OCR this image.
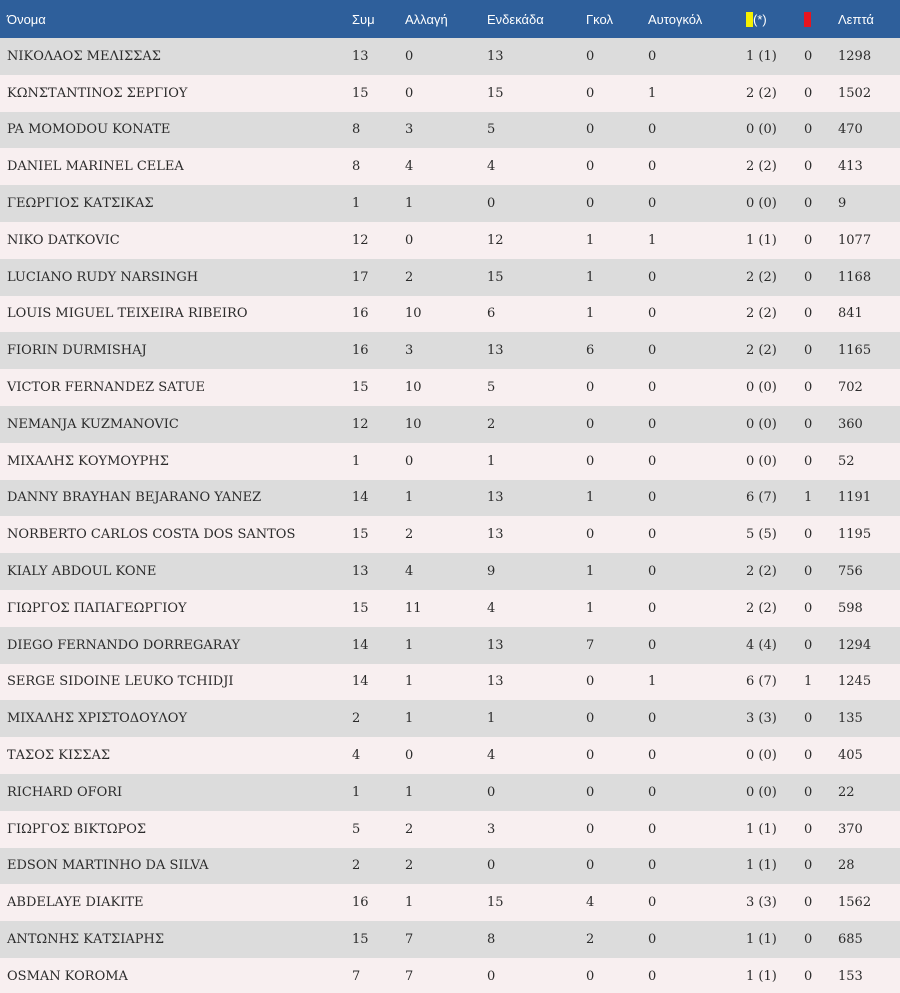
Όνομα	Συμ	Αλλαγή	Ενδεκάδα	Γκολ	Αυτογκόλ	(*)		Λεπτά
ΝΙΚΟΛΑΟΣ ΜΕΛΙΣΣΑΣ	13	0	13	0	0	1 (1)	0	1298
ΚΩΝΣΤΑΝΤΙΝΟΣ ΣΕΡΓΙΟΥ	15	0	15	0	1	2 (2)	0	1502
PA MOMODOU KONATE	8	3	5	0	0	0 (0)	0	470
DANIEL MARINEL CELEA	8	4	4	0	0	2 (2)	0	413
ΓΕΩΡΓΙΟΣ ΚΑΤΣΙΚΑΣ	1	1	0	0	0	0 (0)	0	9
NIKO DATKOVIC	12	0	12	1	1	1 (1)	0	1077
LUCIANO RUDY NARSINGH	17	2	15	1	0	2 (2)	0	1168
LOUIS MIGUEL TEIXEIRA RIBEIRO	16	10	6	1	0	2 (2)	0	841
FIORIN DURMISHAJ	16	3	13	6	0	2 (2)	0	1165
VICTOR FERNANDEZ SATUE	15	10	5	0	0	0 (0)	0	702
NEMANJA KUZMANOVIC	12	10	2	0	0	0 (0)	0	360
ΜΙΧΑΛΗΣ ΚΟΥΜΟΥΡΗΣ	1	0	1	0	0	0 (0)	0	52
DANNY BRAYHAN BEJARANO YANEZ	14	1	13	1	0	6 (7)	1	1191
NORBERTO CARLOS COSTA DOS SANTOS	15	2	13	0	0	5 (5)	0	1195
KIALY ABDOUL KONE	13	4	9	1	0	2 (2)	0	756
ΓΙΩΡΓΟΣ ΠΑΠΑΓΕΩΡΓΙΟΥ	15	11	4	1	0	2 (2)	0	598
DIEGO FERNANDO DORREGARAY	14	1	13	7	0	4 (4)	0	1294
SERGE SIDOINE LEUKO TCHIDJI	14	1	13	0	1	6 (7)	1	1245
ΜΙΧΑΛΗΣ ΧΡΙΣΤΟΔΟΥΛΟΥ	2	1	1	0	0	3 (3)	0	135
ΤΑΣΟΣ ΚΙΣΣΑΣ	4	0	4	0	0	0 (0)	0	405
RICHARD OFORI	1	1	0	0	0	0 (0)	0	22
ΓΙΩΡΓΟΣ ΒΙΚΤΩΡΟΣ	5	2	3	0	0	1 (1)	0	370
EDSON MARTINHO DA SILVA	2	2	0	0	0	1 (1)	0	28
ABDELAYE DIAKITE	16	1	15	4	0	3 (3)	0	1562
ΑΝΤΩΝΗΣ ΚΑΤΣΙΑΡΗΣ	15	7	8	2	0	1 (1)	0	685
OSMAN KOROMA	7	7	0	0	0	1 (1)	0	153
